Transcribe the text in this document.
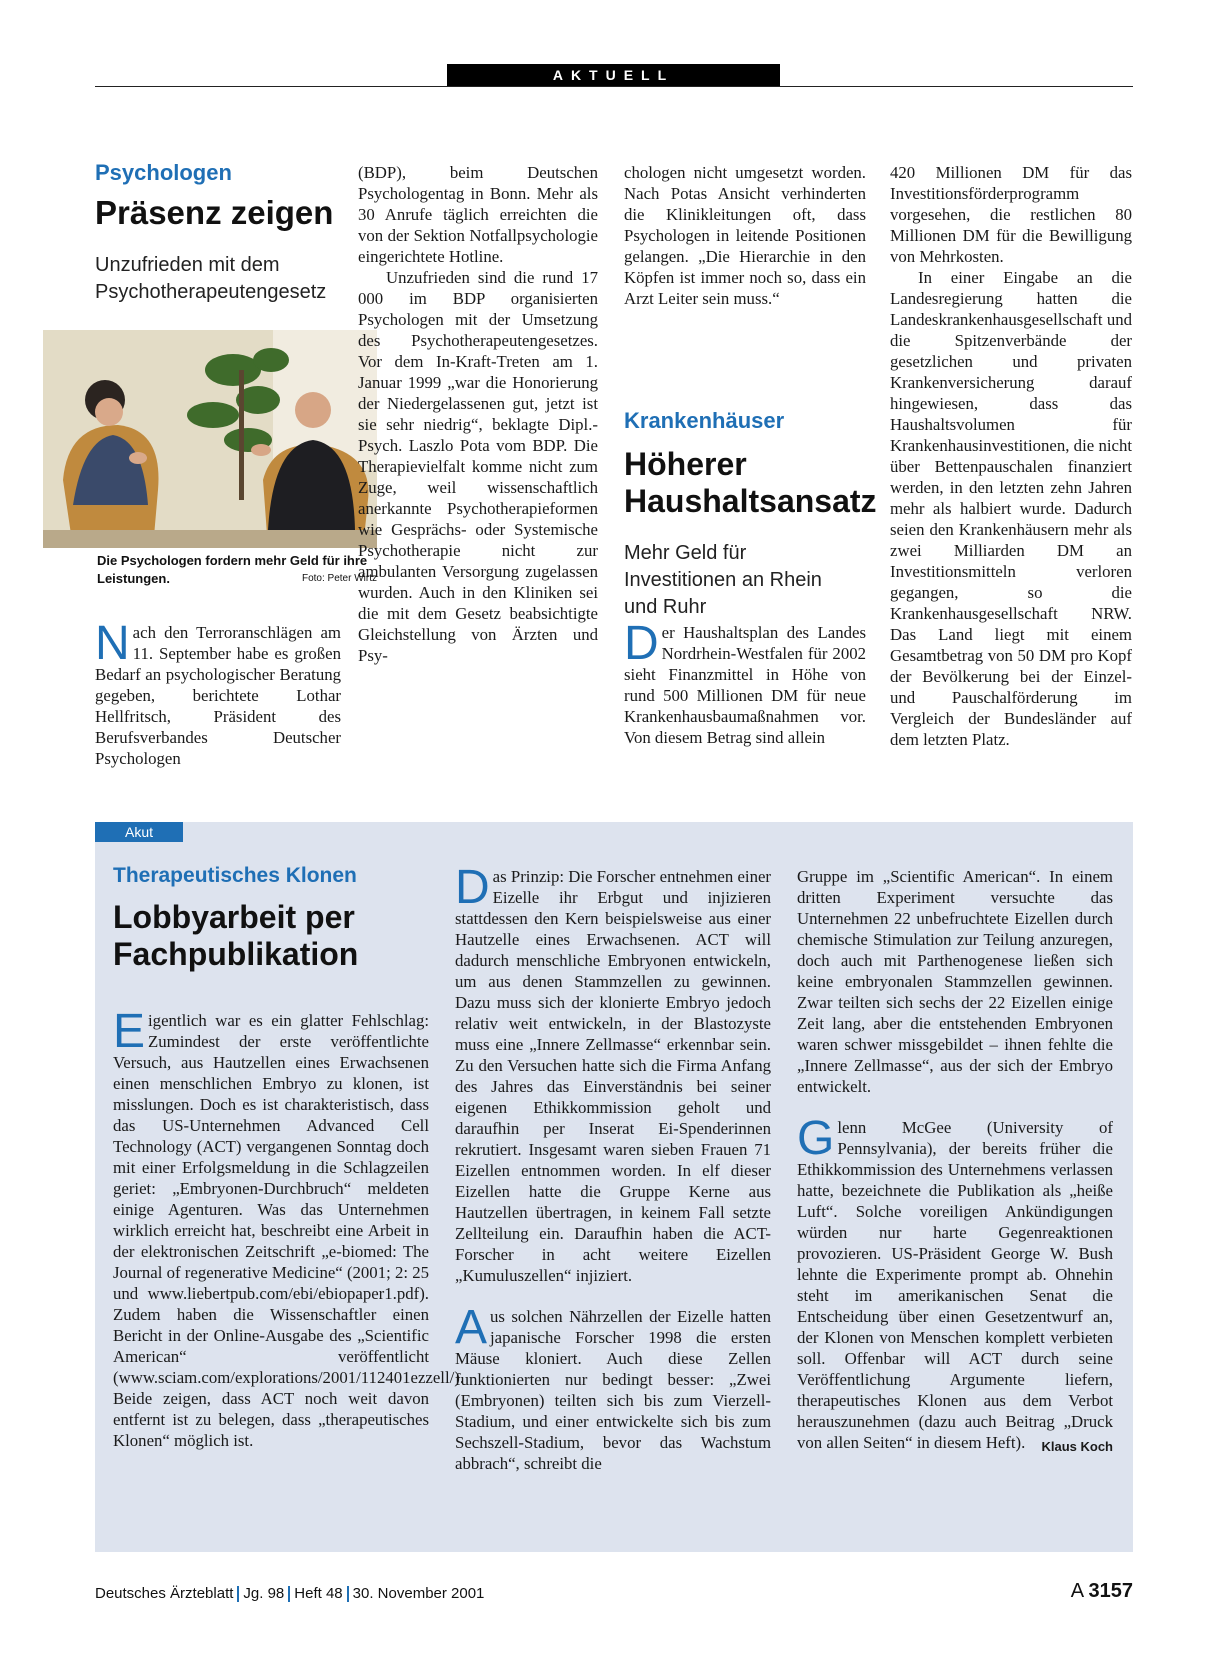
AKTUELL
Psychologen
Präsenz zeigen
Unzufrieden mit dem Psychotherapeutengesetz
Die Psychologen fordern mehr Geld für ihre Leistungen.	Foto: Peter Wirtz

Nach den Terroranschlägen am 11. September habe es großen Bedarf an psychologischer Beratung gegeben, berichtete Lothar Hellfritsch, Präsident des Berufsverbandes Deutscher Psychologen

(BDP), beim Deutschen Psychologentag in Bonn. Mehr als 30 Anrufe täglich erreichten die von der Sektion Notfallpsychologie eingerichtete Hotline.

Unzufrieden sind die rund 17 000 im BDP organisierten Psychologen mit der Umsetzung des Psychotherapeutengesetzes. Vor dem In-Kraft-Treten am 1. Januar 1999 „war die Honorierung der Niedergelassenen gut, jetzt ist sie sehr niedrig“, beklagte Dipl.-Psych. Laszlo Pota vom BDP. Die Therapievielfalt komme nicht zum Zuge, weil wissenschaftlich anerkannte Psychotherapieformen wie Gesprächs- oder Systemische Psychotherapie nicht zur ambulanten Versorgung zugelassen wurden. Auch in den Kliniken sei die mit dem Gesetz beabsichtigte Gleichstellung von Ärzten und Psy-

chologen nicht umgesetzt worden. Nach Potas Ansicht verhinderten die Klinikleitungen oft, dass Psychologen in leitende Positionen gelangen. „Die Hierarchie in den Köpfen ist immer noch so, dass ein Arzt Leiter sein muss.“

Krankenhäuser
Höherer
Haushaltsansatz
Mehr Geld für Investitionen an Rhein und Ruhr

Der Haushaltsplan des Landes Nordrhein-Westfalen für 2002 sieht Finanzmittel in Höhe von rund 500 Millionen DM für neue Krankenhausbaumaßnahmen vor. Von diesem Betrag sind allein

420 Millionen DM für das Investitionsförderprogramm vorgesehen, die restlichen 80 Millionen DM für die Bewilligung von Mehrkosten.

In einer Eingabe an die Landesregierung hatten die Landeskrankenhausgesellschaft und die Spitzenverbände der gesetzlichen und privaten Krankenversicherung darauf hingewiesen, dass das Haushaltsvolumen für Krankenhausinvestitionen, die nicht über Bettenpauschalen finanziert werden, in den letzten zehn Jahren mehr als halbiert wurde. Dadurch seien den Krankenhäusern mehr als zwei Milliarden DM an Investitionsmitteln verloren gegangen, so die Krankenhausgesellschaft NRW. Das Land liegt mit einem Gesamtbetrag von 50 DM pro Kopf der Bevölkerung bei der Einzel- und Pauschalförderung im Vergleich der Bundesländer auf dem letzten Platz.

Akut
Therapeutisches Klonen
Lobbyarbeit per
Fachpublikation

Eigentlich war es ein glatter Fehlschlag: Zumindest der erste veröffentlichte Versuch, aus Hautzellen eines Erwachsenen einen menschlichen Embryo zu klonen, ist misslungen. Doch es ist charakteristisch, dass das US-Unternehmen Advanced Cell Technology (ACT) vergangenen Sonntag doch mit einer Erfolgsmeldung in die Schlagzeilen geriet: „Embryonen-Durchbruch“ meldeten einige Agenturen. Was das Unternehmen wirklich erreicht hat, beschreibt eine Arbeit in der elektronischen Zeitschrift „e-biomed: The Journal of regenerative Medicine“ (2001; 2: 25 und www.liebertpub.com/ebi/ebiopaper1.pdf). Zudem haben die Wissenschaftler einen Bericht in der Online-Ausgabe des „Scientific American“ veröffentlicht (www.sciam.com/explorations/2001/112401ezzell/). Beide zeigen, dass ACT noch weit davon entfernt ist zu belegen, dass „therapeutisches Klonen“ möglich ist.

Das Prinzip: Die Forscher entnehmen einer Eizelle ihr Erbgut und injizieren stattdessen den Kern beispielsweise aus einer Hautzelle eines Erwachsenen. ACT will dadurch menschliche Embryonen entwickeln, um aus denen Stammzellen zu gewinnen. Dazu muss sich der klonierte Embryo jedoch relativ weit entwickeln, in der Blastozyste muss eine „Innere Zellmasse“ erkennbar sein. Zu den Versuchen hatte sich die Firma Anfang des Jahres das Einverständnis bei seiner eigenen Ethikkommission geholt und daraufhin per Inserat Ei-Spenderinnen rekrutiert. Insgesamt waren sieben Frauen 71 Eizellen entnommen worden. In elf dieser Eizellen hatte die Gruppe Kerne aus Hautzellen übertragen, in keinem Fall setzte Zellteilung ein. Daraufhin haben die ACT-Forscher in acht weitere Eizellen „Kumuluszellen“ injiziert.

Aus solchen Nährzellen der Eizelle hatten japanische Forscher 1998 die ersten Mäuse kloniert. Auch diese Zellen funktionierten nur bedingt besser: „Zwei (Embryonen) teilten sich bis zum Vierzell-Stadium, und einer entwickelte sich bis zum Sechszell-Stadium, bevor das Wachstum abbrach“, schreibt die

Gruppe im „Scientific American“. In einem dritten Experiment versuchte das Unternehmen 22 unbefruchtete Eizellen durch chemische Stimulation zur Teilung anzuregen, doch auch mit Parthenogenese ließen sich keine embryonalen Stammzellen gewinnen. Zwar teilten sich sechs der 22 Eizellen einige Zeit lang, aber die entstehenden Embryonen waren schwer missgebildet – ihnen fehlte die „Innere Zellmasse“, aus der sich der Embryo entwickelt.

Glenn McGee (University of Pennsylvania), der bereits früher die Ethikkommission des Unternehmens verlassen hatte, bezeichnete die Publikation als „heiße Luft“. Solche voreiligen Ankündigungen würden nur harte Gegenreaktionen provozieren. US-Präsident George W. Bush lehnte die Experimente prompt ab. Ohnehin steht im amerikanischen Senat die Entscheidung über einen Gesetzentwurf an, der Klonen von Menschen komplett verbieten soll. Offenbar will ACT durch seine Veröffentlichung Argumente liefern, therapeutisches Klonen aus dem Verbot herauszunehmen (dazu auch Beitrag „Druck von allen Seiten“ in diesem Heft). Klaus Koch

Deutsches Ärzteblatt Jg. 98 Heft 48 30. November 2001	A 3157
